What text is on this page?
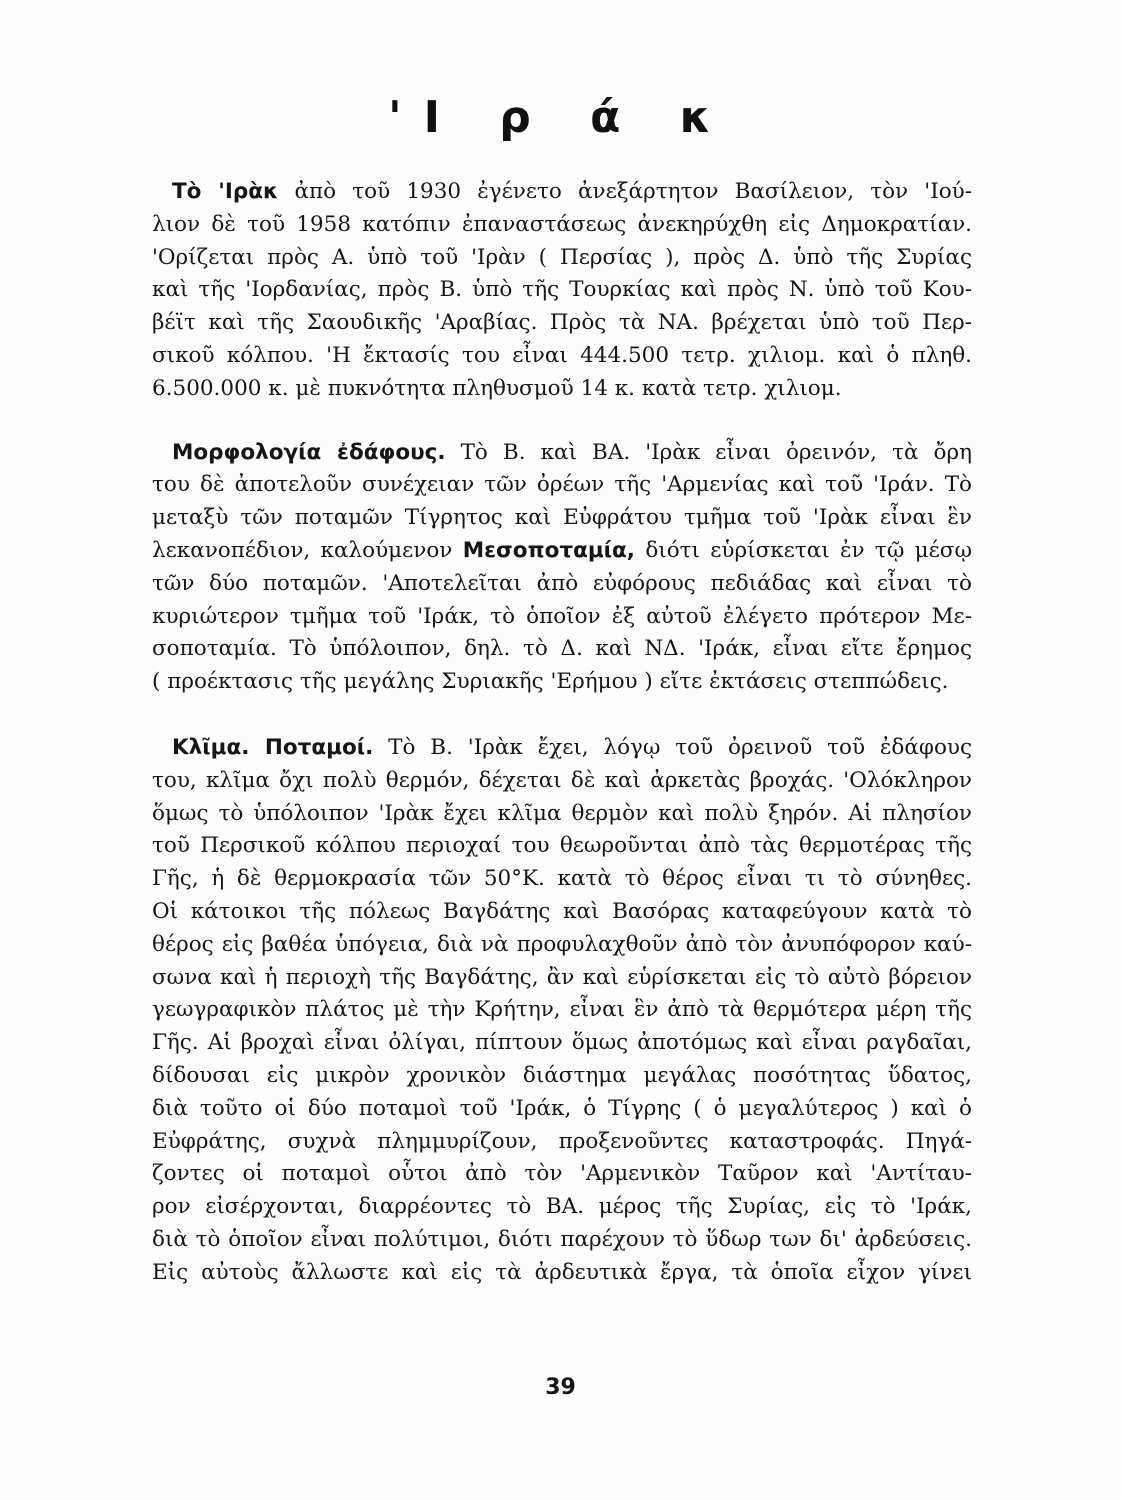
'Ι ρ ά κ
Τὸ 'Ιρὰκ ἀπὸ τοῦ 1930 ἐγένετο ἀνεξάρτητον Βασίλειον, τὸν 'Ιού-
λιον δὲ τοῦ 1958 κατόπιν ἐπαναστάσεως ἀνεκηρύχθη εἰς Δημοκρατίαν.
'Ορίζεται πρὸς Α. ὑπὸ τοῦ 'Ιρὰν ( Περσίας ), πρὸς Δ. ὑπὸ τῆς Συρίας
καὶ τῆς 'Ιορδανίας, πρὸς Β. ὑπὸ τῆς Τουρκίας καὶ πρὸς Ν. ὑπὸ τοῦ Κου-
βέϊτ καὶ τῆς Σαουδικῆς 'Αραβίας. Πρὸς τὰ ΝΑ. βρέχεται ὑπὸ τοῦ Περ-
σικοῦ κόλπου. 'Η ἔκτασίς του εἶναι 444.500 τετρ. χιλιομ. καὶ ὁ πληθ.
6.500.000 κ. μὲ πυκνότητα πληθυσμοῦ 14 κ. κατὰ τετρ. χιλιομ.
Μορφολογία ἐδάφους. Τὸ Β. καὶ ΒΑ. 'Ιρὰκ εἶναι ὀρεινόν, τὰ ὄρη
του δὲ ἀποτελοῦν συνέχειαν τῶν ὀρέων τῆς 'Αρμενίας καὶ τοῦ 'Ιράν. Τὸ
μεταξὺ τῶν ποταμῶν Τίγρητος καὶ Εὐφράτου τμῆμα τοῦ 'Ιρὰκ εἶναι ἓν
λεκανοπέδιον, καλούμενον Μεσοποταμία, διότι εὑρίσκεται ἐν τῷ μέσῳ
τῶν δύο ποταμῶν. 'Αποτελεῖται ἀπὸ εὐφόρους πεδιάδας καὶ εἶναι τὸ
κυριώτερον τμῆμα τοῦ 'Ιράκ, τὸ ὁποῖον ἐξ αὐτοῦ ἐλέγετο πρότερον Με-
σοποταμία. Τὸ ὑπόλοιπον, δηλ. τὸ Δ. καὶ ΝΔ. 'Ιράκ, εἶναι εἴτε ἔρημος
( προέκτασις τῆς μεγάλης Συριακῆς 'Ερήμου ) εἴτε ἐκτάσεις στεππώδεις.
Κλῖμα. Ποταμοί. Τὸ Β. 'Ιρὰκ ἔχει, λόγῳ τοῦ ὀρεινοῦ τοῦ ἐδάφους
του, κλῖμα ὄχι πολὺ θερμόν, δέχεται δὲ καὶ ἀρκετὰς βροχάς. 'Ολόκληρον
ὅμως τὸ ὑπόλοιπον 'Ιρὰκ ἔχει κλῖμα θερμὸν καὶ πολὺ ξηρόν. Αἱ πλησίον
τοῦ Περσικοῦ κόλπου περιοχαί του θεωροῦνται ἀπὸ τὰς θερμοτέρας τῆς
Γῆς, ἡ δὲ θερμοκρασία τῶν 50°Κ. κατὰ τὸ θέρος εἶναι τι τὸ σύνηθες.
Οἱ κάτοικοι τῆς πόλεως Βαγδάτης καὶ Βασόρας καταφεύγουν κατὰ τὸ
θέρος εἰς βαθέα ὑπόγεια, διὰ νὰ προφυλαχθοῦν ἀπὸ τὸν ἀνυπόφορον καύ-
σωνα καὶ ἡ περιοχὴ τῆς Βαγδάτης, ἂν καὶ εὑρίσκεται εἰς τὸ αὐτὸ βόρειον
γεωγραφικὸν πλάτος μὲ τὴν Κρήτην, εἶναι ἓν ἀπὸ τὰ θερμότερα μέρη τῆς
Γῆς. Αἱ βροχαὶ εἶναι ὀλίγαι, πίπτουν ὅμως ἀποτόμως καὶ εἶναι ραγδαῖαι,
δίδουσαι εἰς μικρὸν χρονικὸν διάστημα μεγάλας ποσότητας ὕδατος,
διὰ τοῦτο οἱ δύο ποταμοὶ τοῦ 'Ιράκ, ὁ Τίγρης ( ὁ μεγαλύτερος ) καὶ ὁ
Εὐφράτης, συχνὰ πλημμυρίζουν, προξενοῦντες καταστροφάς. Πηγά-
ζοντες οἱ ποταμοὶ οὗτοι ἀπὸ τὸν 'Αρμενικὸν Ταῦρον καὶ 'Αντίταυ-
ρον εἰσέρχονται, διαρρέοντες τὸ ΒΑ. μέρος τῆς Συρίας, εἰς τὸ 'Ιράκ,
διὰ τὸ ὁποῖον εἶναι πολύτιμοι, διότι παρέχουν τὸ ὕδωρ των δι' ἀρδεύσεις.
Εἰς αὐτοὺς ἄλλωστε καὶ εἰς τὰ ἀρδευτικὰ ἔργα, τὰ ὁποῖα εἶχον γίνει
39
